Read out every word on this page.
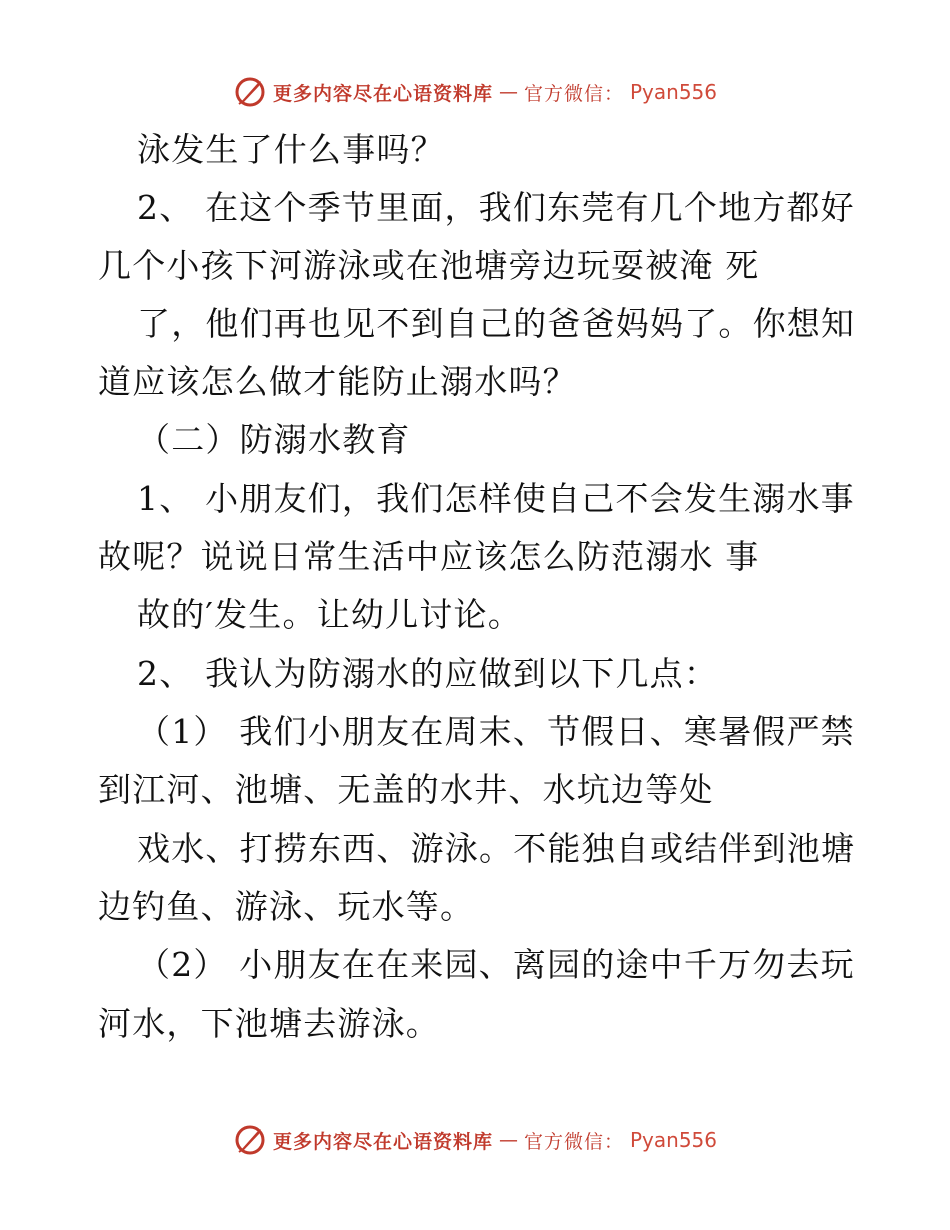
更多内容尽在心语资料库 — 官方微信： Pyan556
泳发生了什么事吗？
2、 在这个季节里面，我们东莞有几个地方都好
几个小孩下河游泳或在池塘旁边玩耍被淹 死
了，他们再也见不到自己的爸爸妈妈了。你想知
道应该怎么做才能防止溺水吗？
（二）防溺水教育
1、 小朋友们，我们怎样使自己不会发生溺水事
故呢？说说日常生活中应该怎么防范溺水 事
故的′发生。让幼儿讨论。
2、 我认为防溺水的应做到以下几点：
（1） 我们小朋友在周末、节假日、寒暑假严禁
到江河、池塘、无盖的水井、水坑边等处
戏水、打捞东西、游泳。不能独自或结伴到池塘
边钓鱼、游泳、玩水等。
（2） 小朋友在在来园、离园的途中千万勿去玩
河水，下池塘去游泳。
更多内容尽在心语资料库 — 官方微信： Pyan556
